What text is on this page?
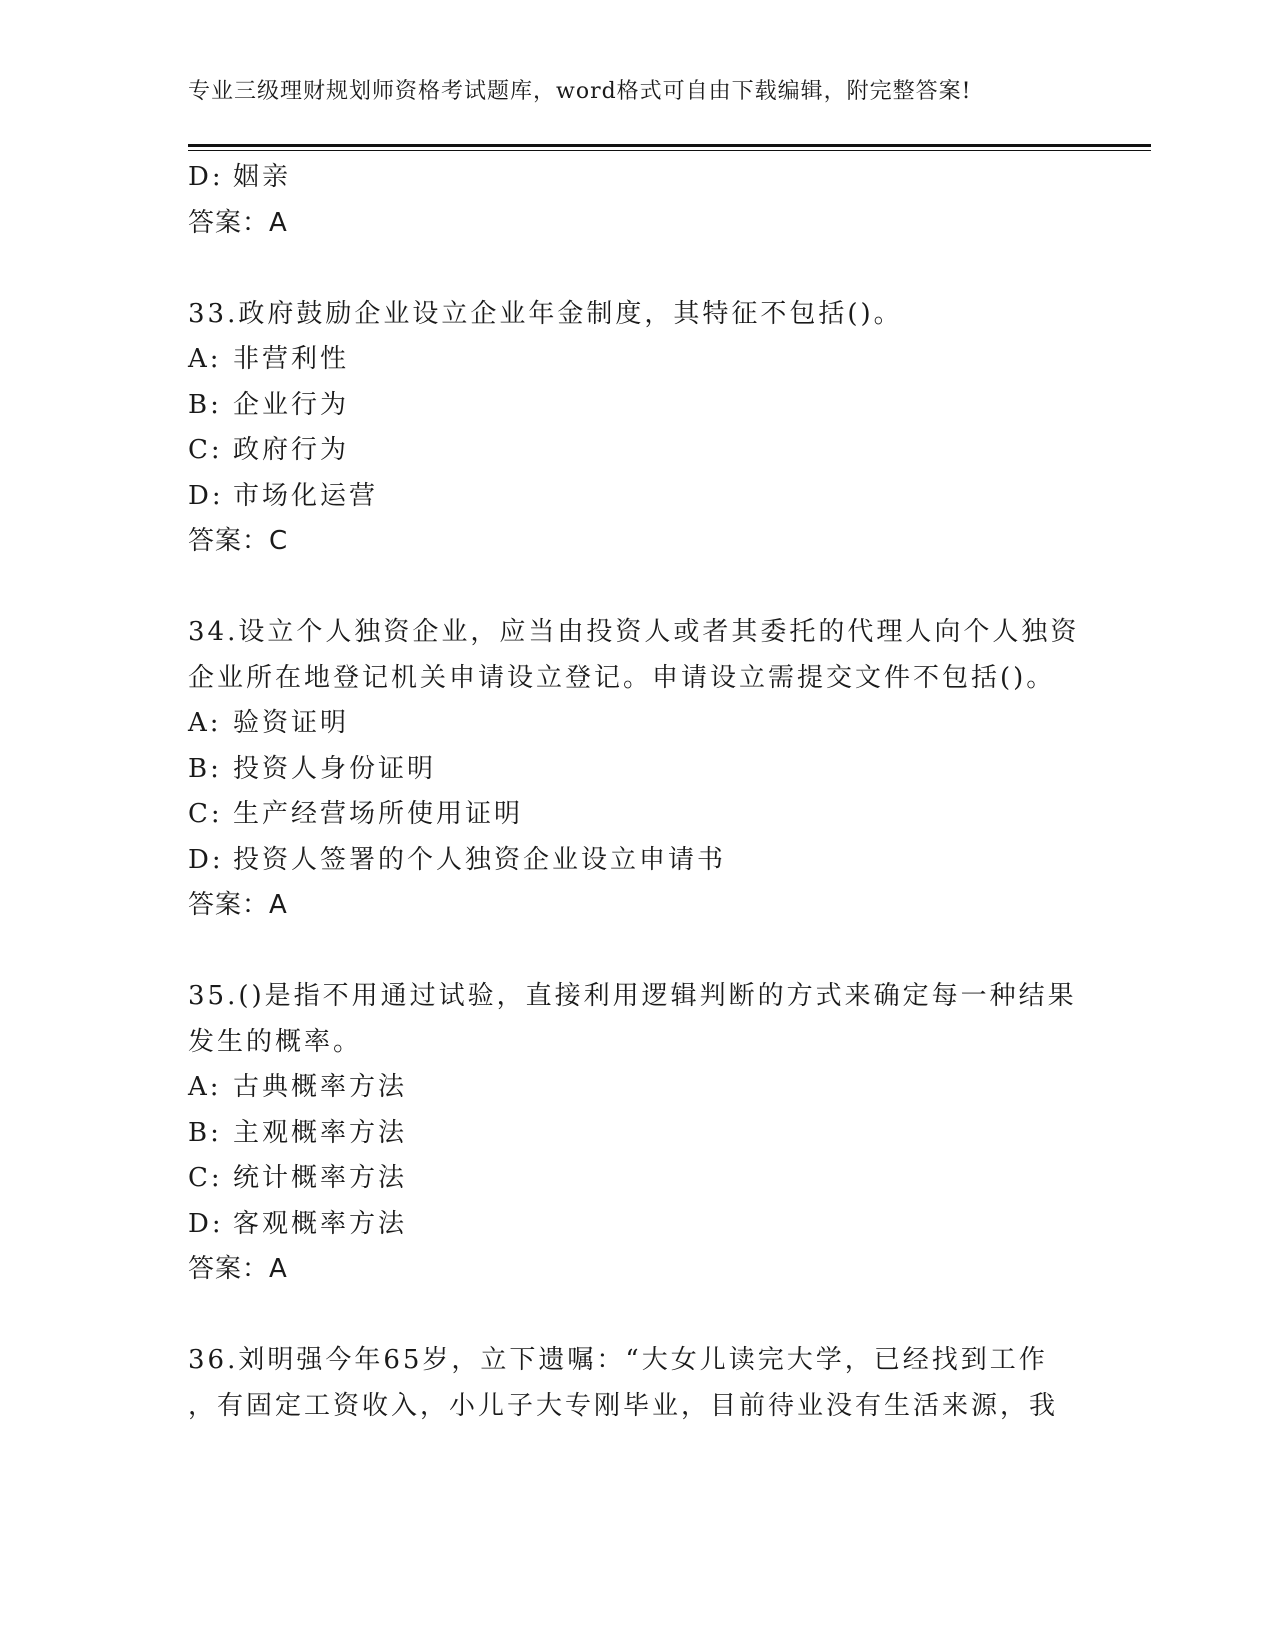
专业三级理财规划师资格考试题库，word格式可自由下载编辑，附完整答案!
D: 姻亲
答案：A
33.政府鼓励企业设立企业年金制度，其特征不包括()。
A: 非营利性
B: 企业行为
C: 政府行为
D: 市场化运营
答案：C
34.设立个人独资企业，应当由投资人或者其委托的代理人向个人独资
企业所在地登记机关申请设立登记。申请设立需提交文件不包括()。
A: 验资证明
B: 投资人身份证明
C: 生产经营场所使用证明
D: 投资人签署的个人独资企业设立申请书
答案：A
35.()是指不用通过试验，直接利用逻辑判断的方式来确定每一种结果
发生的概率。
A: 古典概率方法
B: 主观概率方法
C: 统计概率方法
D: 客观概率方法
答案：A
36.刘明强今年65岁，立下遗嘱：“大女儿读完大学，已经找到工作
，有固定工资收入，小儿子大专刚毕业，目前待业没有生活来源，我
